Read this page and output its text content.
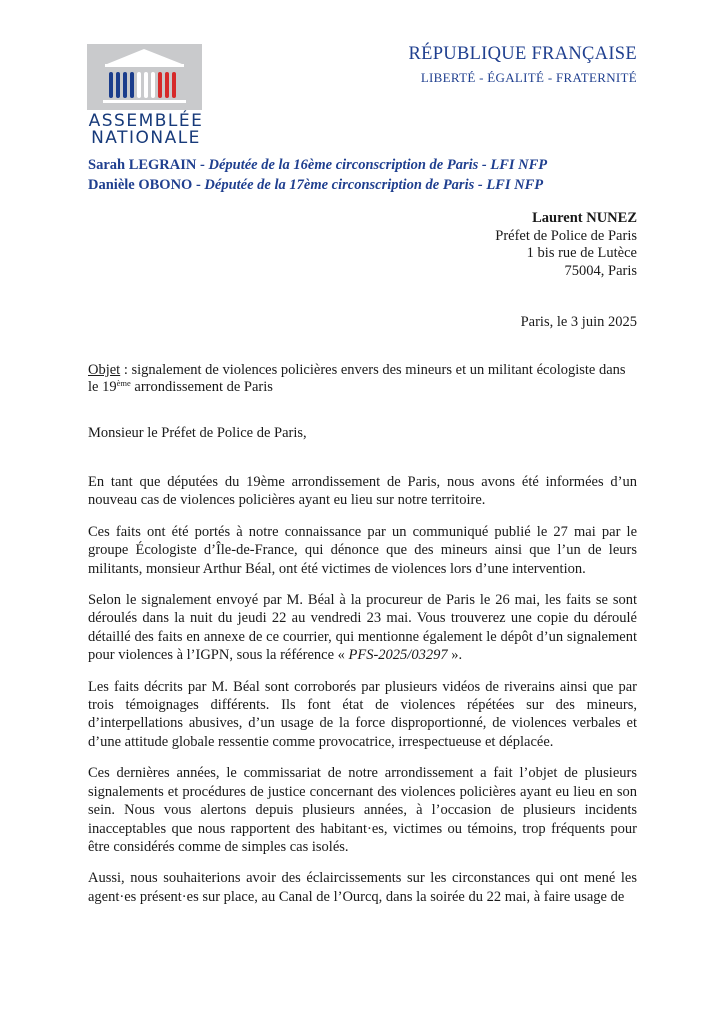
ASSEMBLÉE
NATIONALE
RÉPUBLIQUE FRANÇAISE
LIBERTÉ - ÉGALITÉ - FRATERNITÉ
Sarah LEGRAIN - Députée de la 16ème circonscription de Paris - LFI NFP
Danièle OBONO - Députée de la 17ème circonscription de Paris - LFI NFP
Laurent NUNEZ
Préfet de Police de Paris
1 bis rue de Lutèce
75004, Paris
Paris, le 3 juin 2025
Objet : signalement de violences policières envers des mineurs et un militant écologiste dans le 19ème arrondissement de Paris
Monsieur le Préfet de Police de Paris,

En tant que députées du 19ème arrondissement de Paris, nous avons été informées d’un nouveau cas de violences policières ayant eu lieu sur notre territoire.

Ces faits ont été portés à notre connaissance par un communiqué publié le 27 mai par le groupe Écologiste d’Île-de-France, qui dénonce que des mineurs ainsi que l’un de leurs militants, monsieur Arthur Béal, ont été victimes de violences lors d’une intervention.

Selon le signalement envoyé par M. Béal à la procureur de Paris le 26 mai, les faits se sont déroulés dans la nuit du jeudi 22 au vendredi 23 mai. Vous trouverez une copie du déroulé détaillé des faits en annexe de ce courrier, qui mentionne également le dépôt d’un signalement pour violences à l’IGPN, sous la référence « PFS-2025/03297 ».

Les faits décrits par M. Béal sont corroborés par plusieurs vidéos de riverains ainsi que par trois témoignages différents. Ils font état de violences répétées sur des mineurs, d’interpellations abusives, d’un usage de la force disproportionné, de violences verbales et d’une attitude globale ressentie comme provocatrice, irrespectueuse et déplacée.

Ces dernières années, le commissariat de notre arrondissement a fait l’objet de plusieurs signalements et procédures de justice concernant des violences policières ayant eu lieu en son sein. Nous vous alertons depuis plusieurs années, à l’occasion de plusieurs incidents inacceptables que nous rapportent des habitant·es, victimes ou témoins, trop fréquents pour être considérés comme de simples cas isolés.

Aussi, nous souhaiterions avoir des éclaircissements sur les circonstances qui ont mené les agent·es présent·es sur place, au Canal de l’Ourcq, dans la soirée du 22 mai, à faire usage de
